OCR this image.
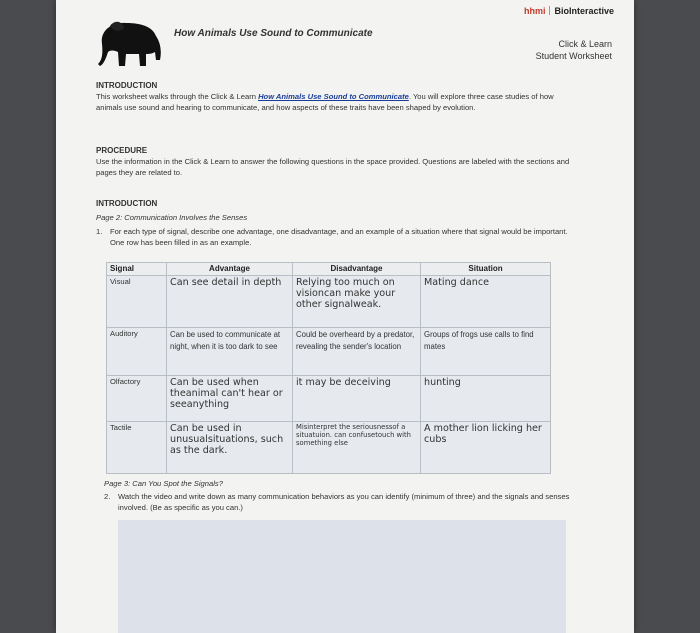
How Animals Use Sound to Communicate
hhmi BioInteractive
Click & Learn
Student Worksheet
INTRODUCTION
This worksheet walks through the Click & Learn How Animals Use Sound to Communicate. You will explore three case studies of how animals use sound and hearing to communicate, and how aspects of these traits have been shaped by evolution.
PROCEDURE
Use the information in the Click & Learn to answer the following questions in the space provided. Questions are labeled with the sections and pages they are related to.
INTRODUCTION
Page 2: Communication Involves the Senses
1.	For each type of signal, describe one advantage, one disadvantage, and an example of a situation where that signal would be important. One row has been filled in as an example.
Signal	Advantage	Disadvantage	Situation
Visual	Can see detail in depth	Relying too much on visioncan make your other signalweak.	Mating dance
Auditory	Can be used to communicate at night, when it is too dark to see	Could be overheard by a predator, revealing the sender's location	Groups of frogs use calls to find mates
Olfactory	Can be used when theanimal can't hear or seeanything	it may be deceiving	hunting
Tactile	Can be used in unusualsituations, such as the dark.	Misinterpret the seriousnessof a situatuion. can confusetouch with something else	A mother lion licking her cubs
Page 3: Can You Spot the Signals?
2.	Watch the video and write down as many communication behaviors as you can identify (minimum of three) and the signals and senses involved. (Be as specific as you can.)
